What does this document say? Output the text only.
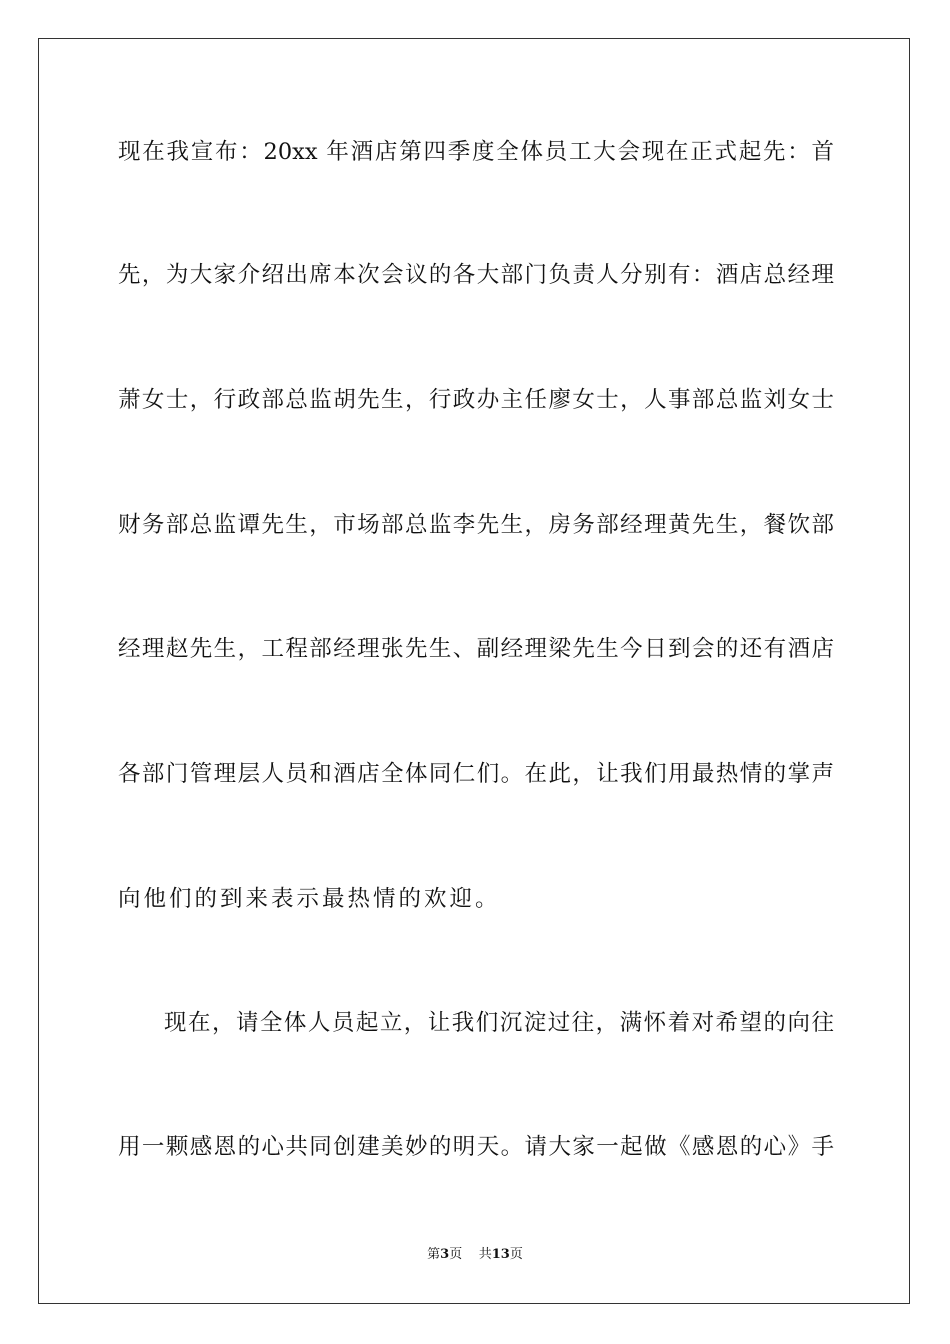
现在我宣布：20xx 年酒店第四季度全体员工大会现在正式起先：首
先，为大家介绍出席本次会议的各大部门负责人分别有：酒店总经理
萧女士，行政部总监胡先生，行政办主任廖女士，人事部总监刘女士
财务部总监谭先生，市场部总监李先生，房务部经理黄先生，餐饮部
经理赵先生，工程部经理张先生、副经理梁先生今日到会的还有酒店
各部门管理层人员和酒店全体同仁们。在此，让我们用最热情的掌声
向他们的到来表示最热情的欢迎。
现在，请全体人员起立，让我们沉淀过往，满怀着对希望的向往
用一颗感恩的心共同创建美妙的明天。请大家一起做《感恩的心》手
第3页 共13页
